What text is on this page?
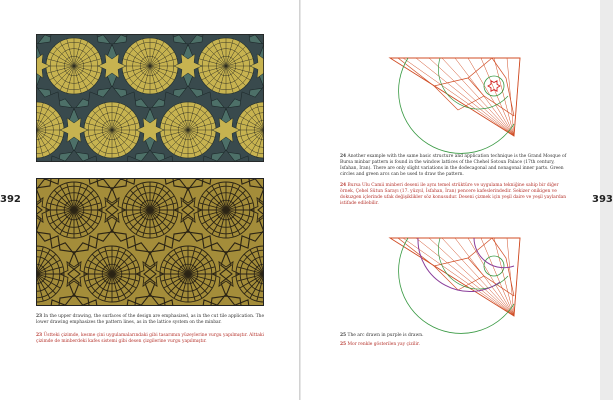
392	393

23 In the upper drawing, the surfaces of the design are emphasized, as in the cut tile application. The lower drawing emphasizes the pattern lines, as in the lattice system on the minbar.

23 Üstteki çizimde, kesme çini uygulamalarındaki gibi tasarımın yüzeylerine vurgu yapılmıştır. Alttaki çizimde de minberdeki kafes sistemi gibi desen çizgilerine vurgu yapılmıştır.

24 Another example with the same basic structure and application technique is the Grand Mosque of Bursa minbar pattern is found in the window lattices of the Chehel Sotoun Palace (17th century, Isfahan, Iran). There are only slight variations in the dodecagonal and nonagonal inner parts. Green circles and green arcs can be used to draw the pattern.

24 Bursa Ulu Camii minberi deseni ile aynı temel strüktüre ve uygulama tekniğine sahip bir diğer örnek, Çehel Sütun Sarayı (17. yüzyıl, İsfahan, İran) pencere kafeslerindedir. Sekizer onikigen ve dokuzgen içlerinde ufak değişiklikler söz konusudur. Deseni çizmek için yeşil daire ve yeşil yaylardan istifade edilebilir.

25 The arc drawn in purple is drawn.

25 Mor renkle gösterilen yay çizilir.
